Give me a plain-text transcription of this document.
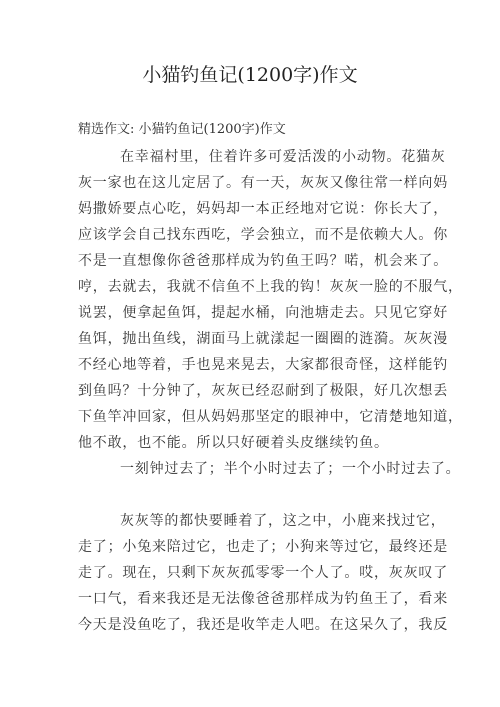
小猫钓鱼记(1200字)作文
精选作文: 小猫钓鱼记(1200字)作文
在幸福村里，住着许多可爱活泼的小动物。花猫灰
灰一家也在这儿定居了。有一天，灰灰又像往常一样向妈
妈撒娇要点心吃，妈妈却一本正经地对它说：你长大了，
应该学会自己找东西吃，学会独立，而不是依赖大人。你
不是一直想像你爸爸那样成为钓鱼王吗？喏，机会来了。
哼，去就去，我就不信鱼不上我的钩！灰灰一脸的不服气，
说罢，便拿起鱼饵，提起水桶，向池塘走去。只见它穿好
鱼饵，抛出鱼线，湖面马上就漾起一圈圈的涟漪。灰灰漫
不经心地等着，手也晃来晃去，大家都很奇怪，这样能钓
到鱼吗？十分钟了，灰灰已经忍耐到了极限，好几次想丢
下鱼竿冲回家，但从妈妈那坚定的眼神中，它清楚地知道，
他不敢，也不能。所以只好硬着头皮继续钓鱼。
一刻钟过去了；半个小时过去了；一个小时过去了。
灰灰等的都快要睡着了，这之中，小鹿来找过它，
走了；小兔来陪过它，也走了；小狗来等过它，最终还是
走了。现在，只剩下灰灰孤零零一个人了。哎，灰灰叹了
一口气，看来我还是无法像爸爸那样成为钓鱼王了，看来
今天是没鱼吃了，我还是收竿走人吧。在这呆久了，我反
